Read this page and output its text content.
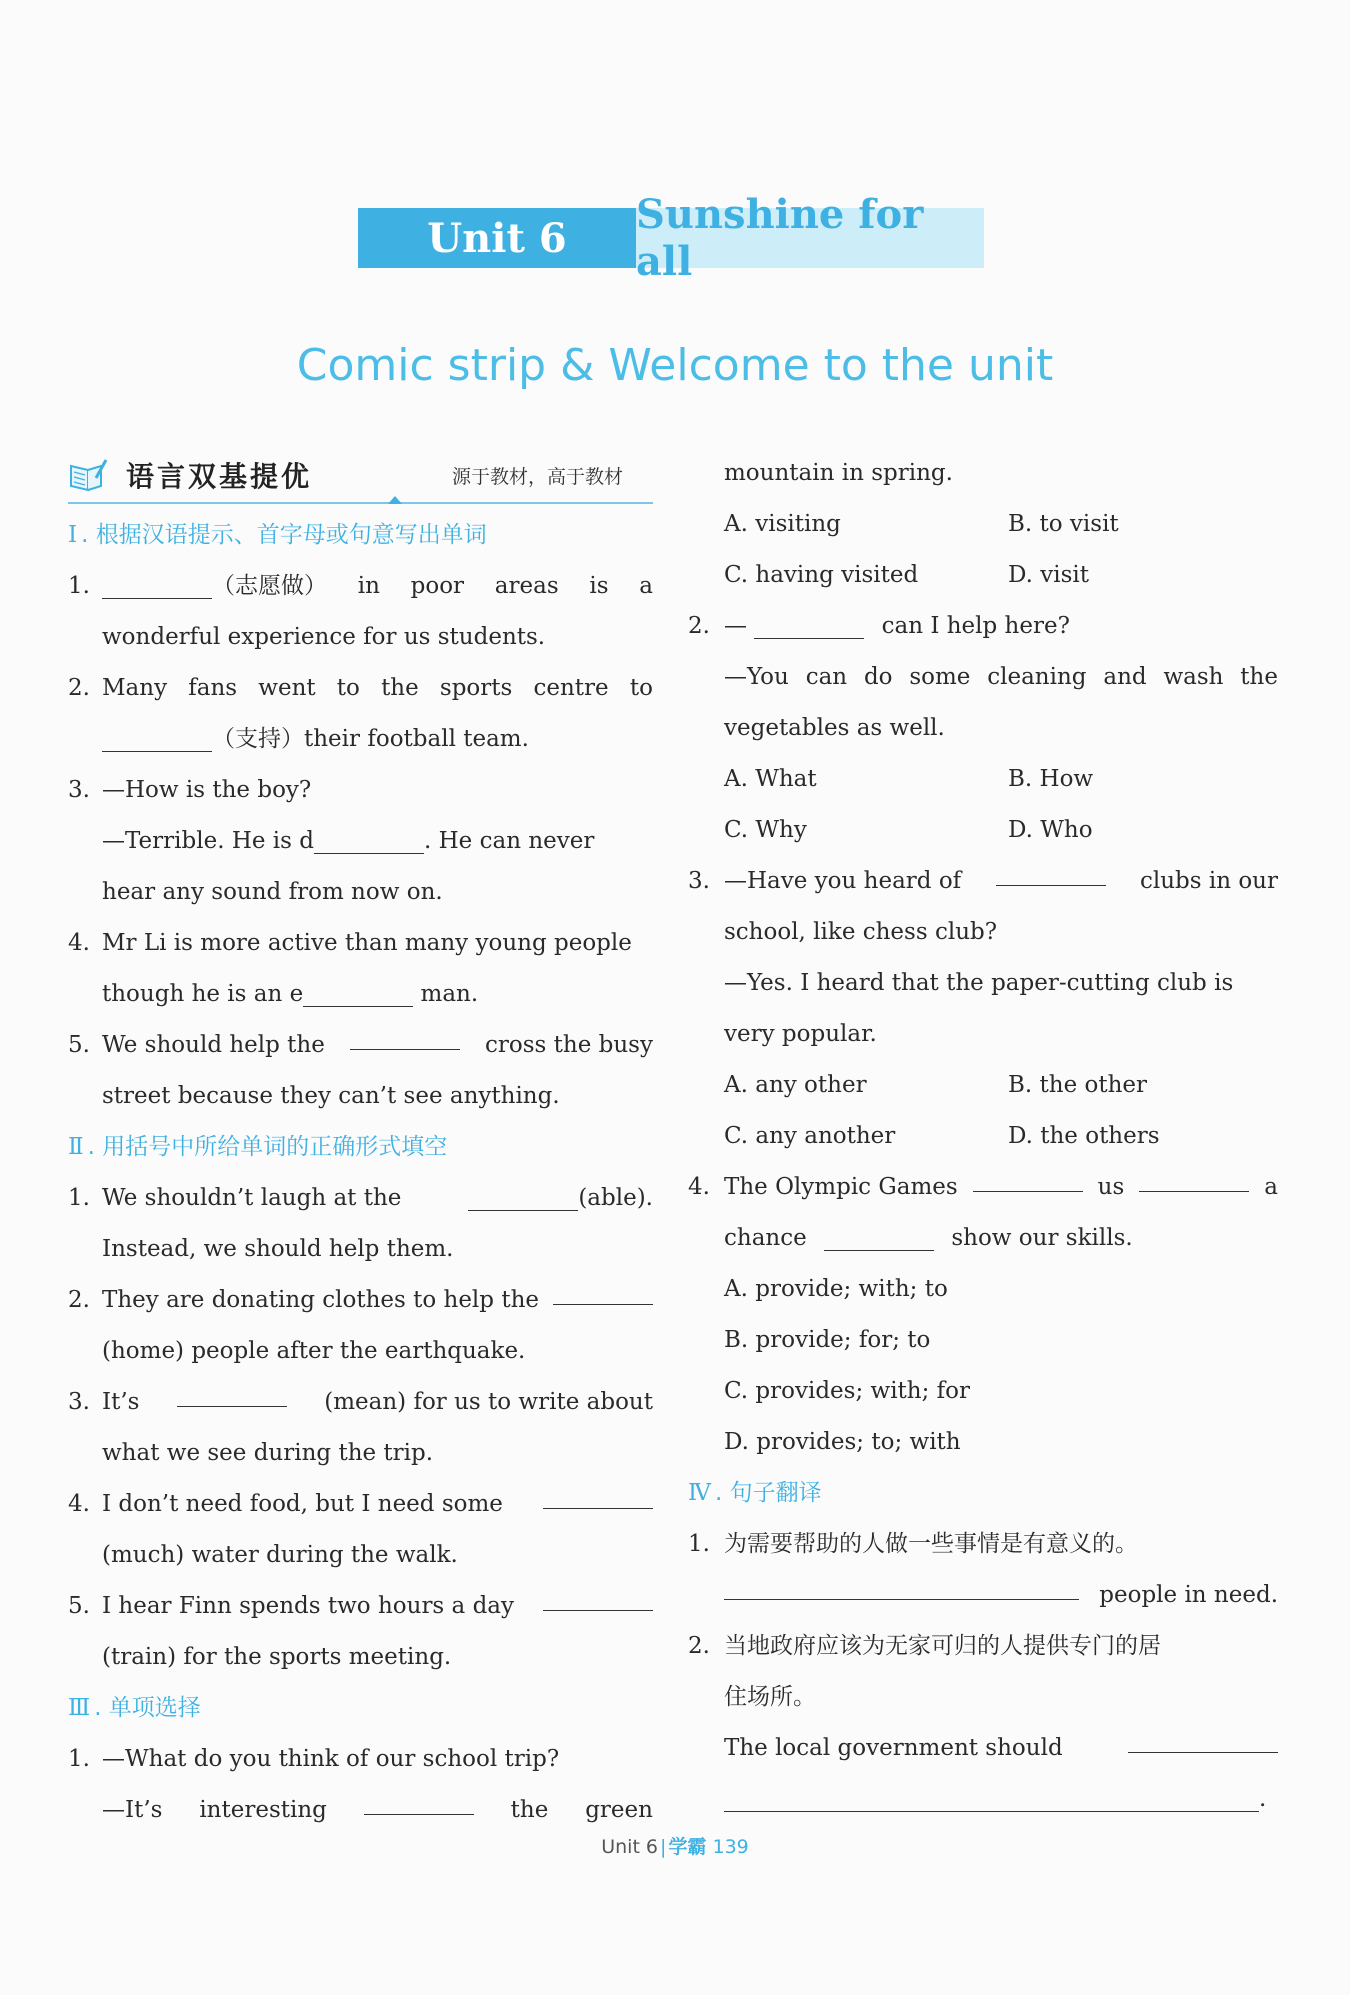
Unit 6	Sunshine for all
Comic strip & Welcome to the unit
语言双基提优	源于教材，高于教材
Ⅰ . 根据汉语提示、首字母或句意写出单词
1.	（志愿做） in poor areas is a
wonderful experience for us students.
2. Many fans went to the sports centre to
（支持）their football team.
3. —How is the boy?
—Terrible. He is d	. He can never
hear any sound from now on.
4. Mr Li is more active than many young people
though he is an e	man.
5. We should help the	cross the busy
street because they can’t see anything.
Ⅱ . 用括号中所给单词的正确形式填空
1. We shouldn’t laugh at the	(able).
Instead, we should help them.
2. They are donating clothes to help the
(home) people after the earthquake.
3. It’s	(mean) for us to write about
what we see during the trip.
4. I don’t need food, but I need some
(much) water during the walk.
5. I hear Finn spends two hours a day
(train) for the sports meeting.
Ⅲ . 单项选择
1. —What do you think of our school trip?
—It’s interesting	the green
mountain in spring.
A. visiting	B. to visit
C. having visited	D. visit
2. —	can I help here?
—You can do some cleaning and wash the
vegetables as well.
A. What	B. How
C. Why	D. Who
3. —Have you heard of	clubs in our
school, like chess club?
—Yes. I heard that the paper-cutting club is
very popular.
A. any other	B. the other
C. any another	D. the others
4. The Olympic Games	us	a
chance	show our skills.
A. provide; with; to
B. provide; for; to
C. provides; with; for
D. provides; to; with
Ⅳ . 句子翻译
1. 为需要帮助的人做一些事情是有意义的。
people in need.
2. 当地政府应该为无家可归的人提供专门的居
住场所。
The local government should
.
Unit 6 | 学霸 139
